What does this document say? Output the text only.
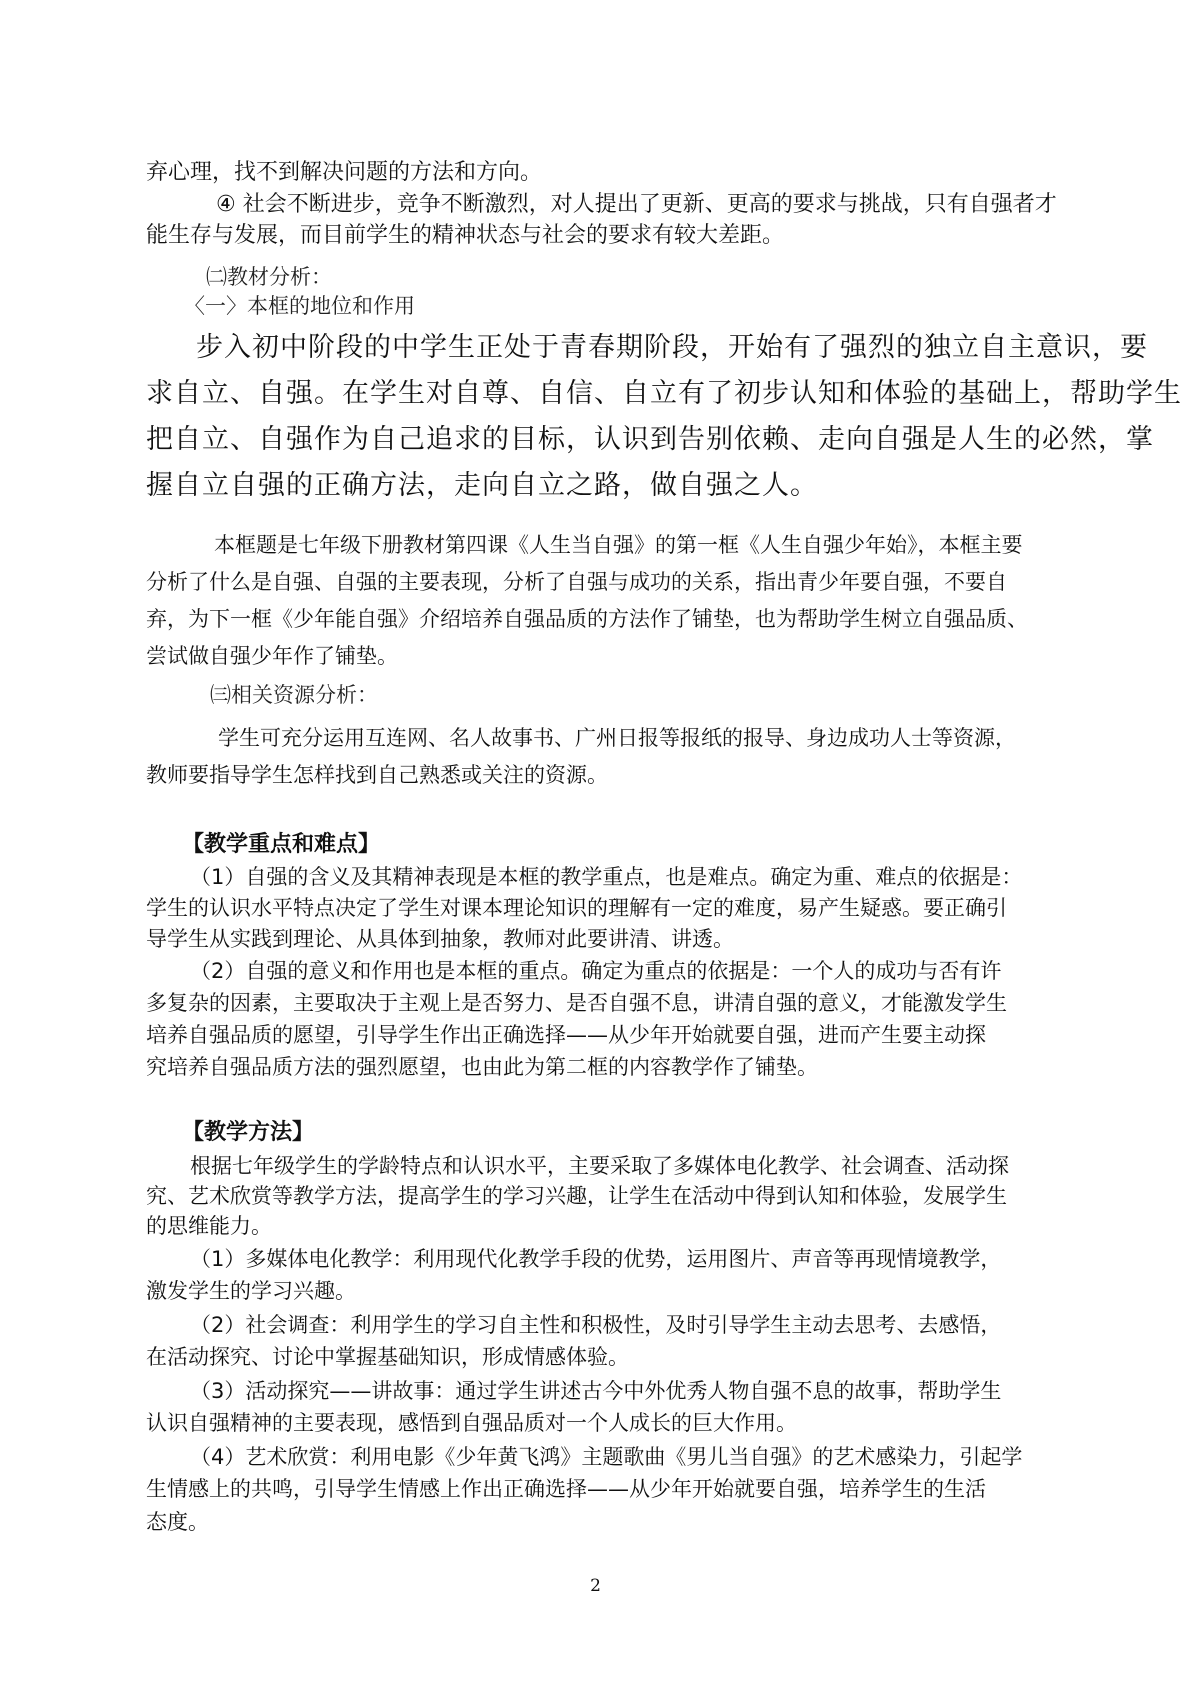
弃心理，找不到解决问题的方法和方向。
④ 社会不断进步，竞争不断激烈，对人提出了更新、更高的要求与挑战，只有自强者才
能生存与发展，而目前学生的精神状态与社会的要求有较大差距。
㈡教材分析：
〈一〉本框的地位和作用
步入初中阶段的中学生正处于青春期阶段，开始有了强烈的独立自主意识，要
求自立、自强。在学生对自尊、自信、自立有了初步认知和体验的基础上，帮助学生
把自立、自强作为自己追求的目标，认识到告别依赖、走向自强是人生的必然，掌
握自立自强的正确方法，走向自立之路，做自强之人。
本框题是七年级下册教材第四课《人生当自强》的第一框《人生自强少年始》，本框主要
分析了什么是自强、自强的主要表现，分析了自强与成功的关系，指出青少年要自强，不要自
弃，为下一框《少年能自强》介绍培养自强品质的方法作了铺垫，也为帮助学生树立自强品质、
尝试做自强少年作了铺垫。
㈢相关资源分析：
学生可充分运用互连网、名人故事书、广州日报等报纸的报导、身边成功人士等资源，
教师要指导学生怎样找到自己熟悉或关注的资源。
【教学重点和难点】
（1）自强的含义及其精神表现是本框的教学重点，也是难点。确定为重、难点的依据是：
学生的认识水平特点决定了学生对课本理论知识的理解有一定的难度，易产生疑惑。要正确引
导学生从实践到理论、从具体到抽象，教师对此要讲清、讲透。
（2）自强的意义和作用也是本框的重点。确定为重点的依据是：一个人的成功与否有许
多复杂的因素，主要取决于主观上是否努力、是否自强不息，讲清自强的意义，才能激发学生
培养自强品质的愿望，引导学生作出正确选择——从少年开始就要自强，进而产生要主动探
究培养自强品质方法的强烈愿望，也由此为第二框的内容教学作了铺垫。
【教学方法】
根据七年级学生的学龄特点和认识水平，主要采取了多媒体电化教学、社会调查、活动探
究、艺术欣赏等教学方法，提高学生的学习兴趣，让学生在活动中得到认知和体验，发展学生
的思维能力。
（1）多媒体电化教学：利用现代化教学手段的优势，运用图片、声音等再现情境教学，
激发学生的学习兴趣。
（2）社会调查：利用学生的学习自主性和积极性，及时引导学生主动去思考、去感悟，
在活动探究、讨论中掌握基础知识，形成情感体验。
（3）活动探究——讲故事：通过学生讲述古今中外优秀人物自强不息的故事，帮助学生
认识自强精神的主要表现，感悟到自强品质对一个人成长的巨大作用。
（4）艺术欣赏：利用电影《少年黄飞鸿》主题歌曲《男儿当自强》的艺术感染力，引起学
生情感上的共鸣，引导学生情感上作出正确选择——从少年开始就要自强，培养学生的生活
态度。
2
